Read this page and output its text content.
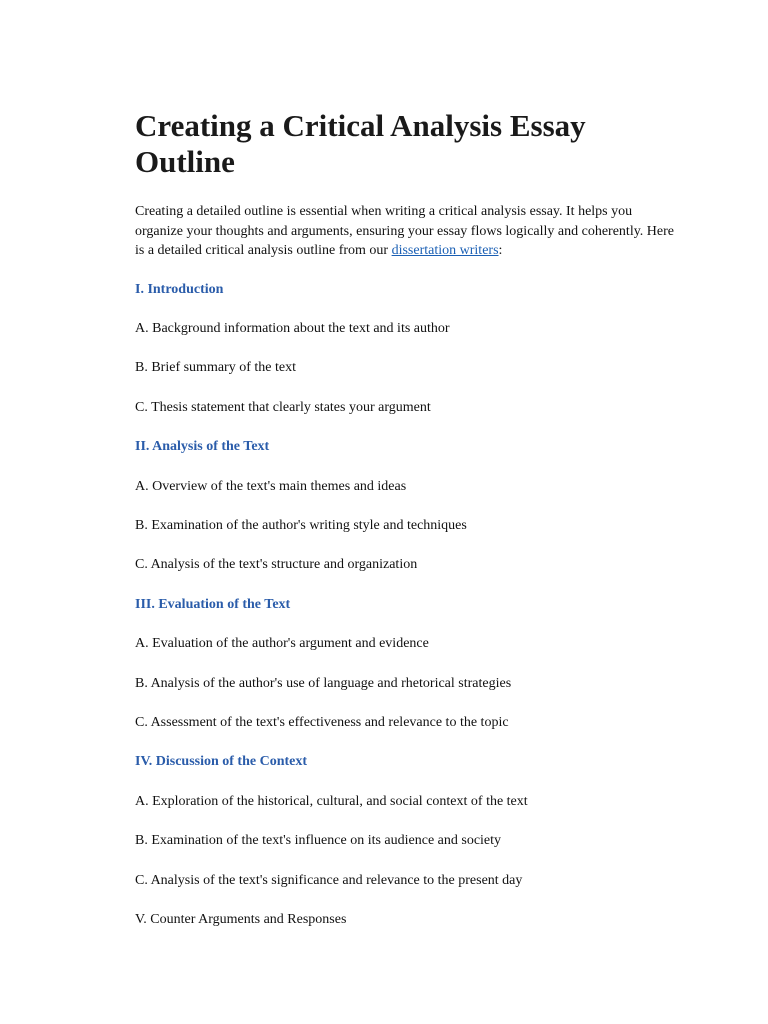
Creating a Critical Analysis Essay Outline

Creating a detailed outline is essential when writing a critical analysis essay. It helps you organize your thoughts and arguments, ensuring your essay flows logically and coherently. Here is a detailed critical analysis outline from our dissertation writers:

I. Introduction
A. Background information about the text and its author
B. Brief summary of the text
C. Thesis statement that clearly states your argument
II. Analysis of the Text
A. Overview of the text's main themes and ideas
B. Examination of the author's writing style and techniques
C. Analysis of the text's structure and organization
III. Evaluation of the Text
A. Evaluation of the author's argument and evidence
B. Analysis of the author's use of language and rhetorical strategies
C. Assessment of the text's effectiveness and relevance to the topic
IV. Discussion of the Context
A. Exploration of the historical, cultural, and social context of the text
B. Examination of the text's influence on its audience and society
C. Analysis of the text's significance and relevance to the present day
V. Counter Arguments and Responses
